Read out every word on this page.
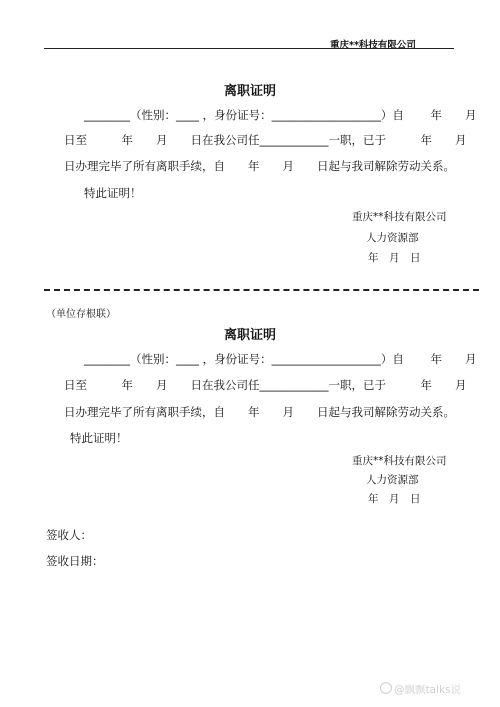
重庆**科技有限公司
离职证明
________（性别：____ ，身份证号：___________________）自　　 年　　月
日至　　　年　　月　　日在我公司任____________一职，已于　　　年　　月
日办理完毕了所有离职手续，自　　年　　月　　日起与我司解除劳动关系。
特此证明！
重庆**科技有限公司
人力资源部
年　月　日
（单位存根联）
离职证明
________（性别：____ ，身份证号：___________________）自　　 年　　月
日至　　　年　　月　　日在我公司任____________一职，已于　　　年　　月
日办理完毕了所有离职手续，自　　年　　月　　日起与我司解除劳动关系。
特此证明！
重庆**科技有限公司
人力资源部
年　月　日
签收人：
签收日期：
@飘飘talks说
